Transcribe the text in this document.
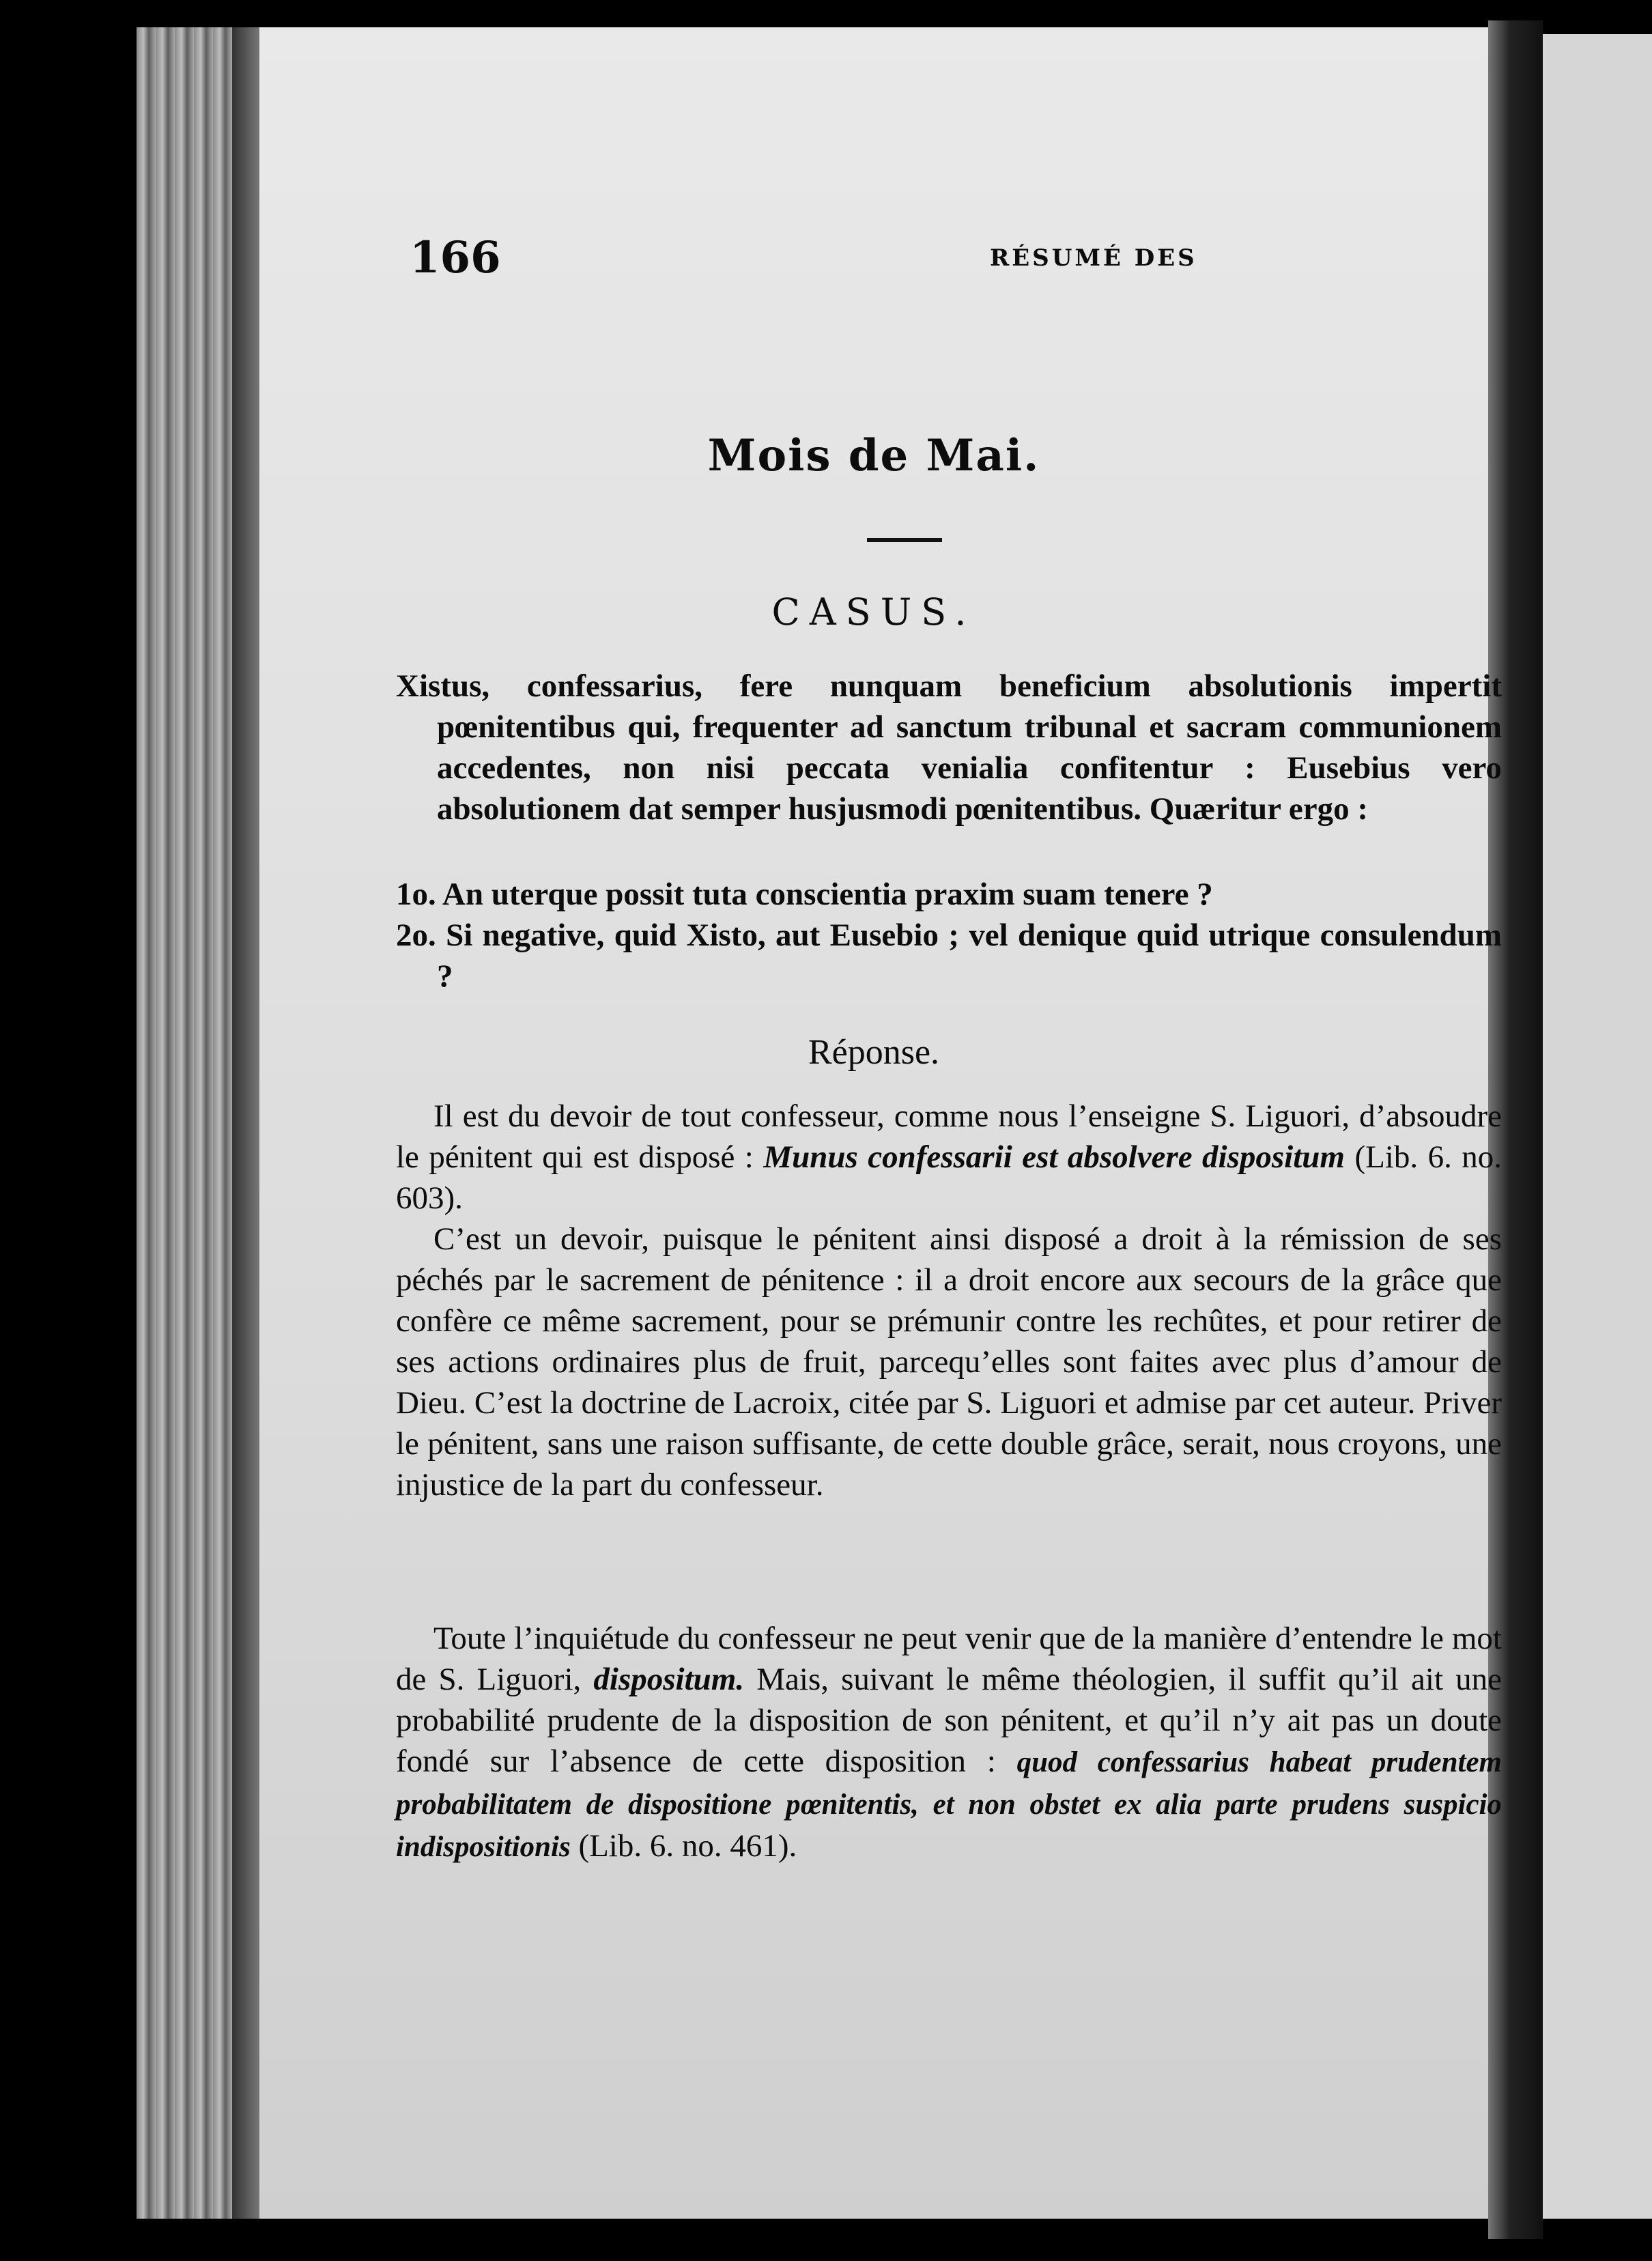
166	RÉSUMÉ DES
Mois de Mai.
CASUS.

Xistus, confessarius, fere nunquam beneficium absolutionis impertit pœnitentibus qui, frequenter ad sanctum tribunal et sacram communionem accedentes, non nisi peccata venialia confitentur : Eusebius vero absolutionem dat semper husjusmodi pœnitentibus. Quæritur ergo :

1o. An uterque possit tuta conscientia praxim suam tenere ?

2o. Si negative, quid Xisto, aut Eusebio ; vel denique quid utrique consulendum ?

Réponse.

Il est du devoir de tout confesseur, comme nous l’enseigne S. Liguori, d’absoudre le pénitent qui est disposé : Munus confessarii est absolvere dispositum (Lib. 6. no. 603).

C’est un devoir, puisque le pénitent ainsi disposé a droit à la rémission de ses péchés par le sacrement de pénitence : il a droit encore aux secours de la grâce que confère ce même sacrement, pour se prémunir contre les rechûtes, et pour retirer de ses actions ordinaires plus de fruit, parcequ’elles sont faites avec plus d’amour de Dieu. C’est la doctrine de Lacroix, citée par S. Liguori et admise par cet auteur. Priver le pénitent, sans une raison suffisante, de cette double grâce, serait, nous croyons, une injustice de la part du confesseur.

Toute l’inquiétude du confesseur ne peut venir que de la manière d’entendre le mot de S. Liguori, dispositum. Mais, suivant le même théologien, il suffit qu’il ait une probabilité prudente de la disposition de son pénitent, et qu’il n’y ait pas un doute fondé sur l’absence de cette disposition : quod confessarius habeat prudentem probabilitatem de dispositione pœnitentis, et non obstet ex alia parte prudens suspicio indispositionis (Lib. 6. no. 461).
